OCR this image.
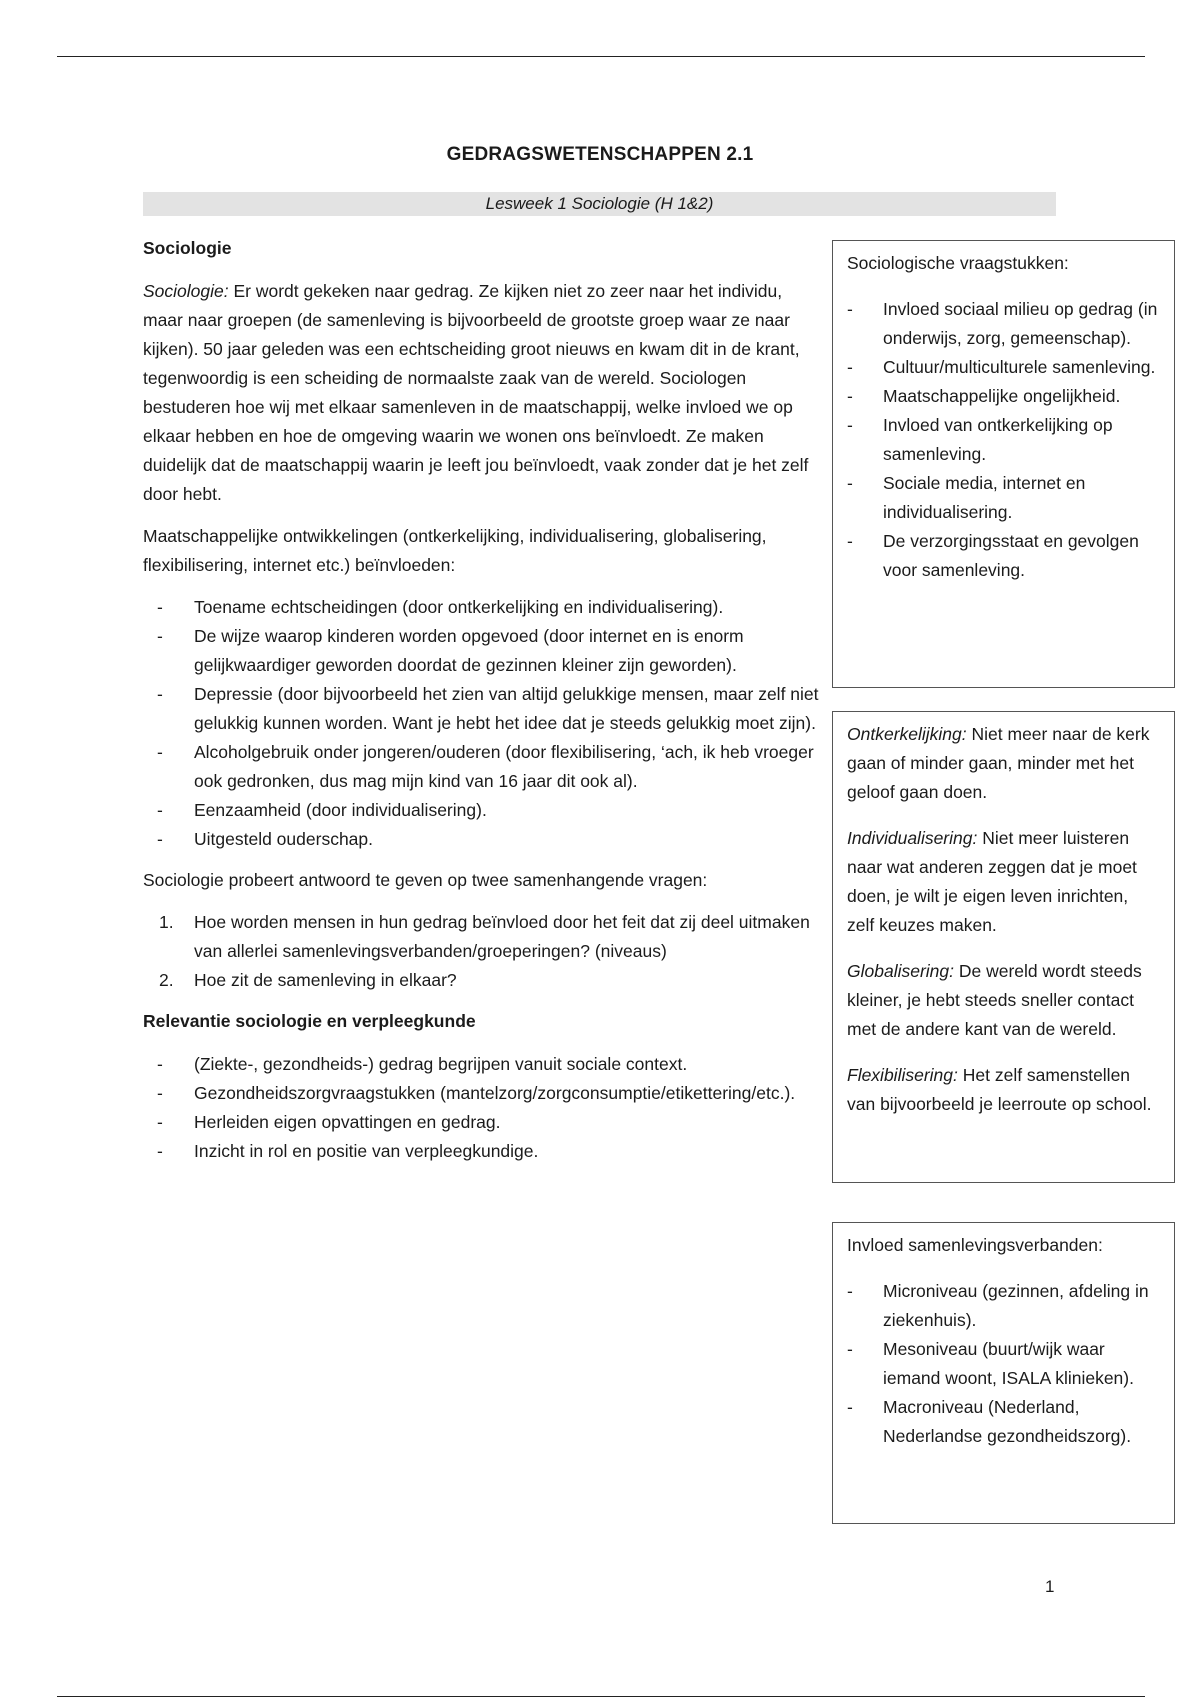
GEDRAGSWETENSCHAPPEN 2.1
Lesweek 1 Sociologie (H 1&2)
Sociologie

Sociologie: Er wordt gekeken naar gedrag. Ze kijken niet zo zeer naar het individu, maar naar groepen (de samenleving is bijvoorbeeld de grootste groep waar ze naar kijken). 50 jaar geleden was een echtscheiding groot nieuws en kwam dit in de krant, tegenwoordig is een scheiding de normaalste zaak van de wereld. Sociologen bestuderen hoe wij met elkaar samenleven in de maatschappij, welke invloed we op elkaar hebben en hoe de omgeving waarin we wonen ons beïnvloedt. Ze maken duidelijk dat de maatschappij waarin je leeft jou beïnvloedt, vaak zonder dat je het zelf door hebt.

Maatschappelijke ontwikkelingen (ontkerkelijking, individualisering, globalisering, flexibilisering, internet etc.) beïnvloeden:

- Toename echtscheidingen (door ontkerkelijking en individualisering).
- De wijze waarop kinderen worden opgevoed (door internet en is enorm gelijkwaardiger geworden doordat de gezinnen kleiner zijn geworden).
- Depressie (door bijvoorbeeld het zien van altijd gelukkige mensen, maar zelf niet gelukkig kunnen worden. Want je hebt het idee dat je steeds gelukkig moet zijn).
- Alcoholgebruik onder jongeren/ouderen (door flexibilisering, ‘ach, ik heb vroeger ook gedronken, dus mag mijn kind van 16 jaar dit ook al).
- Eenzaamheid (door individualisering).
- Uitgesteld ouderschap.

Sociologie probeert antwoord te geven op twee samenhangende vragen:

1. Hoe worden mensen in hun gedrag beïnvloed door het feit dat zij deel uitmaken van allerlei samenlevingsverbanden/groeperingen? (niveaus)
2. Hoe zit de samenleving in elkaar?
Relevantie sociologie en verpleegkunde
- (Ziekte-, gezondheids-) gedrag begrijpen vanuit sociale context.
- Gezondheidszorgvraagstukken (mantelzorg/zorgconsumptie/etikettering/etc.).
- Herleiden eigen opvattingen en gedrag.
- Inzicht in rol en positie van verpleegkundige.

Sociologische vraagstukken:

- Invloed sociaal milieu op gedrag (in onderwijs, zorg, gemeenschap).
- Cultuur/multiculturele samenleving.
- Maatschappelijke ongelijkheid.
- Invloed van ontkerkelijking op samenleving.
- Sociale media, internet en individualisering.
- De verzorgingsstaat en gevolgen voor samenleving.

Ontkerkelijking: Niet meer naar de kerk gaan of minder gaan, minder met het geloof gaan doen.

Individualisering: Niet meer luisteren naar wat anderen zeggen dat je moet doen, je wilt je eigen leven inrichten, zelf keuzes maken.

Globalisering: De wereld wordt steeds kleiner, je hebt steeds sneller contact met de andere kant van de wereld.

Flexibilisering: Het zelf samenstellen van bijvoorbeeld je leerroute op school.

Invloed samenlevingsverbanden:

- Microniveau (gezinnen, afdeling in ziekenhuis).
- Mesoniveau (buurt/wijk waar iemand woont, ISALA klinieken).
- Macroniveau (Nederland, Nederlandse gezondheidszorg).
1
